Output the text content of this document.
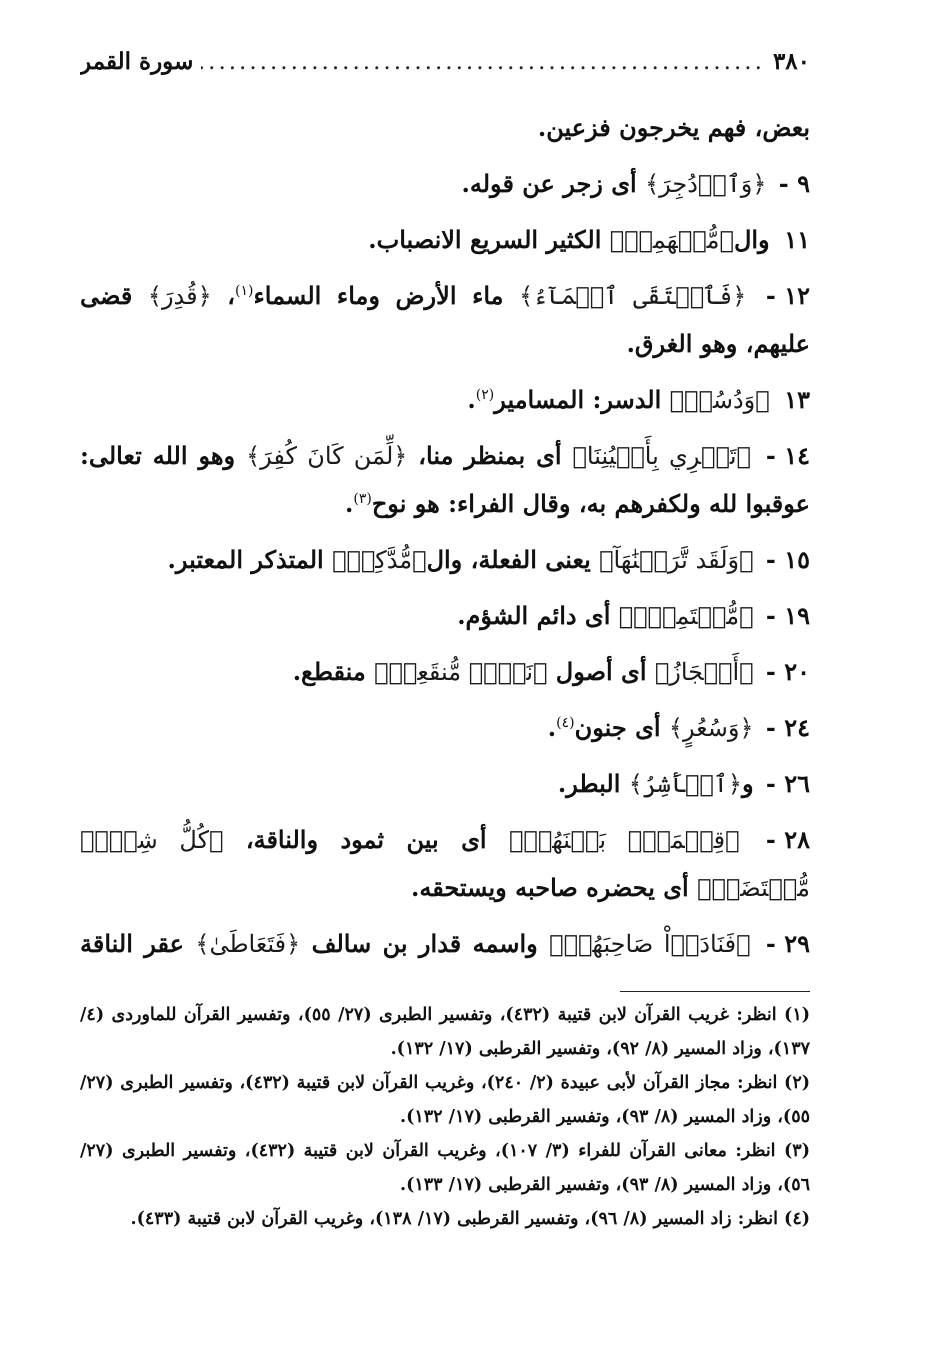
٣٨٠
.....
سورة القمر

بعض، فهم يخرجون فزعين.

٩ - ﴿وَٱزۡدُجِرَ﴾ أى زجر عن قوله.

١١ وال﴿مُّنۡهَمِرٖ﴾ الكثير السريع الانصباب.

١٢ - ﴿فَٱلۡتَقَى ٱلۡمَآءُ﴾ ماء الأرض وماء السماء$^{(١)}$، ﴿قُدِرَ﴾ قضى عليهم، وهو الغرق.

١٣ ﴿وَدُسُرٖ﴾ الدسر: المسامير$^{(٢)}$.

١٤ - ﴿تَجۡرِي بِأَعۡيُنِنَا﴾ أى بمنظر منا، ﴿لِّمَن كَانَ كُفِرَ﴾ وهو الله تعالى: عوقبوا لله ولكفرهم به، وقال الفراء: هو نوح$^{(٣)}$.

١٥ - ﴿وَلَقَد تَّرَكۡنَٰهَآ﴾ يعنى الفعلة، وال﴿مُّدَّكِرٖ﴾ المتذكر المعتبر.

١٩ - ﴿مُّسۡتَمِرّٖ﴾ أى دائم الشؤم.

٢٠ - ﴿أَعۡجَازُ﴾ أى أصول ﴿نَخۡلٖ مُّنقَعِرٖ﴾ منقطع.

٢٤ - ﴿وَسُعُرٍ﴾ أى جنون$^{(٤)}$.

٢٦ - و﴿ٱلۡأَشِرُ﴾ البطر.

٢٨ - ﴿قِسۡمَةُۢ بَيۡنَهُمۡ﴾ أى بين ثمود والناقة، ﴿كُلُّ شِرۡبٖ مُّحۡتَضَرٞ﴾ أى يحضره صاحبه ويستحقه.

٢٩ - ﴿فَنَادَوۡاْ صَاحِبَهُمۡ﴾ واسمه قدار بن سالف ﴿فَتَعَاطَىٰ﴾ عقر الناقة

(١) انظر: غريب القرآن لابن قتيبة (٤٣٢)، وتفسير الطبرى (٢٧/ ٥٥)، وتفسير القرآن للماوردى (٤/ ١٣٧)، وزاد المسير (٨/ ٩٢)، وتفسير القرطبى (١٧/ ١٣٢).

(٢) انظر: مجاز القرآن لأبى عبيدة (٢/ ٢٤٠)، وغريب القرآن لابن قتيبة (٤٣٢)، وتفسير الطبرى (٢٧/ ٥٥)، وزاد المسير (٨/ ٩٣)، وتفسير القرطبى (١٧/ ١٣٢).

(٣) انظر: معانى القرآن للفراء (٣/ ١٠٧)، وغريب القرآن لابن قتيبة (٤٣٢)، وتفسير الطبرى (٢٧/ ٥٦)، وزاد المسير (٨/ ٩٣)، وتفسير القرطبى (١٧/ ١٣٣).

(٤) انظر: زاد المسير (٨/ ٩٦)، وتفسير القرطبى (١٧/ ١٣٨)، وغريب القرآن لابن قتيبة (٤٣٣).
